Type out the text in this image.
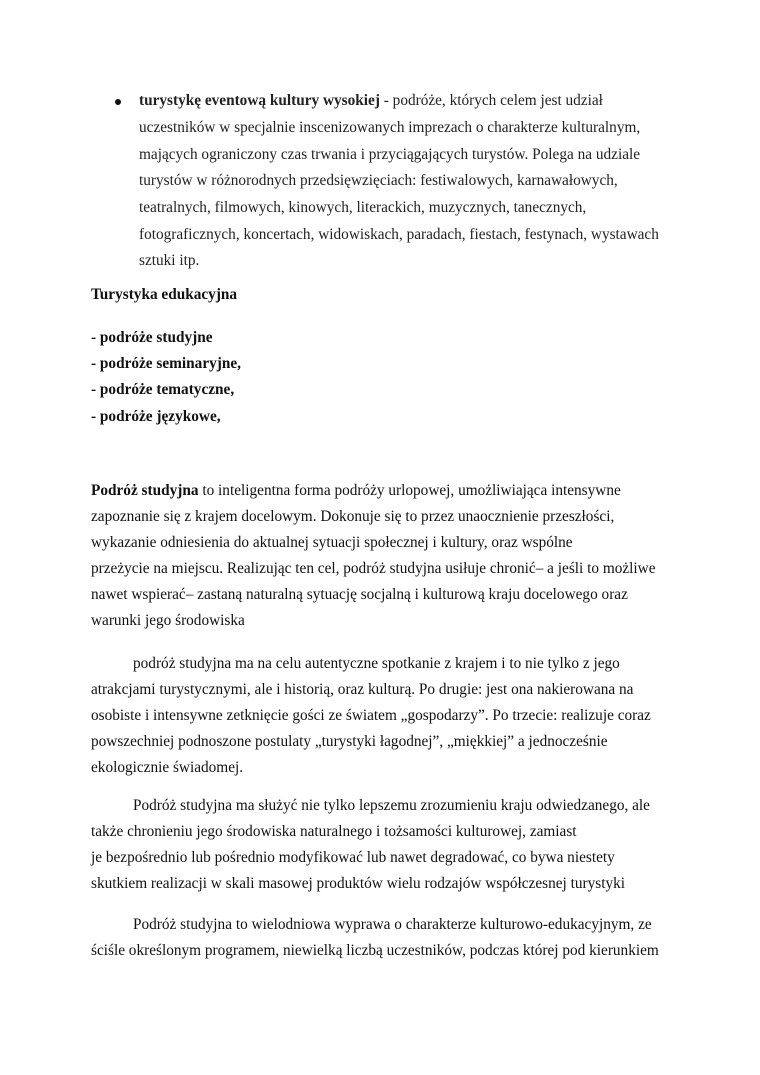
turystykę eventową kultury wysokiej - podróże, których celem jest udział
uczestników w specjalnie inscenizowanych imprezach o charakterze kulturalnym,
mających ograniczony czas trwania i przyciągających turystów. Polega na udziale
turystów w różnorodnych przedsięwzięciach: festiwalowych, karnawałowych,
teatralnych, filmowych, kinowych, literackich, muzycznych, tanecznych,
fotograficznych, koncertach, widowiskach, paradach, fiestach, festynach, wystawach
sztuki itp.
Turystyka edukacyjna
- podróże studyjne
- podróże seminaryjne,
- podróże tematyczne,
- podróże językowe,
Podróż studyjna to inteligentna forma podróży urlopowej, umożliwiająca intensywne
zapoznanie się z krajem docelowym. Dokonuje się to przez unaocznienie przeszłości,
wykazanie odniesienia do aktualnej sytuacji społecznej i kultury, oraz wspólne
przeżycie na miejscu. Realizując ten cel, podróż studyjna usiłuje chronić– a jeśli to możliwe
nawet wspierać– zastaną naturalną sytuację socjalną i kulturową kraju docelowego oraz
warunki jego środowiska
podróż studyjna ma na celu autentyczne spotkanie z krajem i to nie tylko z jego
atrakcjami turystycznymi, ale i historią, oraz kulturą. Po drugie: jest ona nakierowana na
osobiste i intensywne zetknięcie gości ze światem „gospodarzy”. Po trzecie: realizuje coraz
powszechniej podnoszone postulaty „turystyki łagodnej”, „miękkiej” a jednocześnie
ekologicznie świadomej.
Podróż studyjna ma służyć nie tylko lepszemu zrozumieniu kraju odwiedzanego, ale
także chronieniu jego środowiska naturalnego i tożsamości kulturowej, zamiast
je bezpośrednio lub pośrednio modyfikować lub nawet degradować, co bywa niestety
skutkiem realizacji w skali masowej produktów wielu rodzajów współczesnej turystyki
Podróż studyjna to wielodniowa wyprawa o charakterze kulturowo-edukacyjnym, ze
ściśle określonym programem, niewielką liczbą uczestników, podczas której pod kierunkiem
